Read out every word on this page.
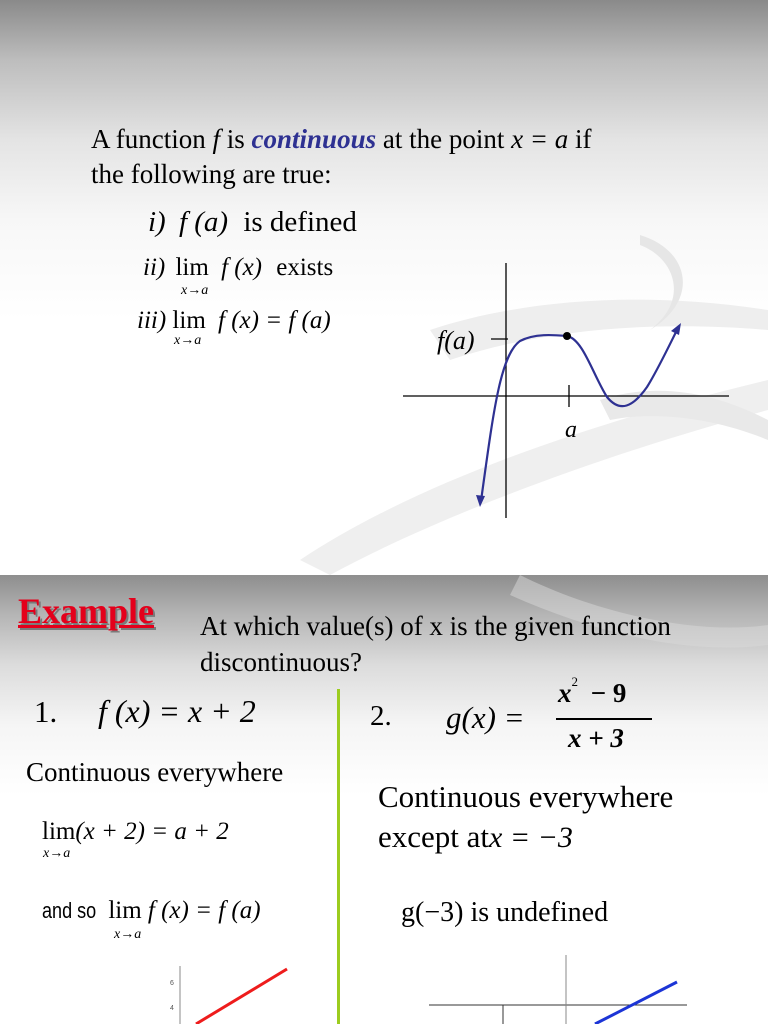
A function f is continuous at the point x = a if
the following are true:
i) f (a) is defined
ii) lim f (x) exists
x→a
iii) lim f (x) = f (a)
x→a	f(a)
a
Example At which value(s) of x is the given function
discontinuous?
1. f (x) = x + 2
Continuous everywhere
lim(x + 2) = a + 2
x→a
and so lim f (x) = f (a)
x→a
6
4
2. g(x) =
$x^2 - 9$
x + 3
Continuous everywhere
except atx = −3
g(−3) is undefined
